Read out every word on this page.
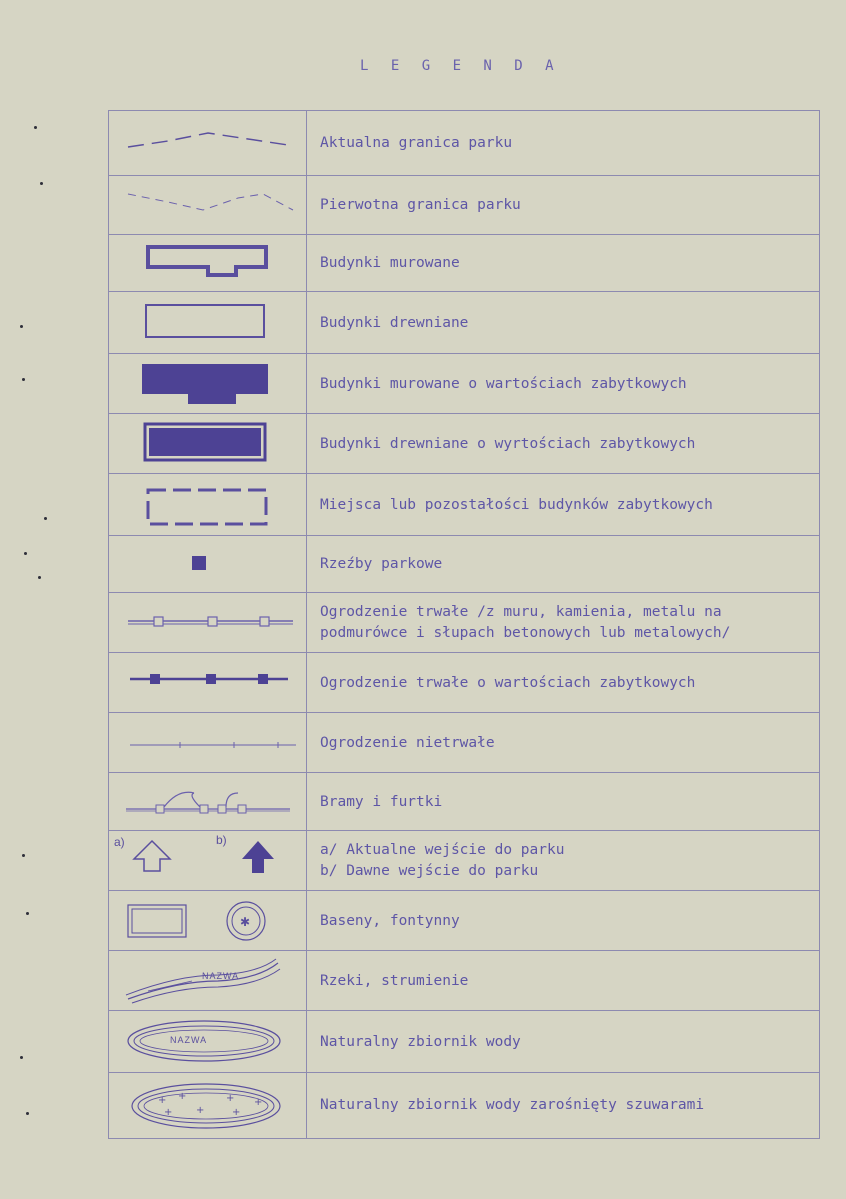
L E G E N D A
Aktualna granica parku
Pierwotna granica parku
Budynki murowane
Budynki drewniane
Budynki murowane o wartościach zabytkowych
Budynki drewniane o wyrtościach zabytkowych
Miejsca lub pozostałości budynków zabytkowych
Rzeźby parkowe
Ogrodzenie trwałe /z muru, kamienia, metalu na
podmurówce i słupach betonowych lub metalowych/
Ogrodzenie trwałe o wartościach zabytkowych
Ogrodzenie nietrwałe
Bramy i furtki
a)	b)
a/ Aktualne wejście do parku
b/ Dawne wejście do parku
✱	Baseny, fontynny
NAZWA	Rzeki, strumienie
NAZWA	Naturalny zbiornik wody
+ +
+ +
+
+
+	Naturalny zbiornik wody zarośnięty szuwarami
